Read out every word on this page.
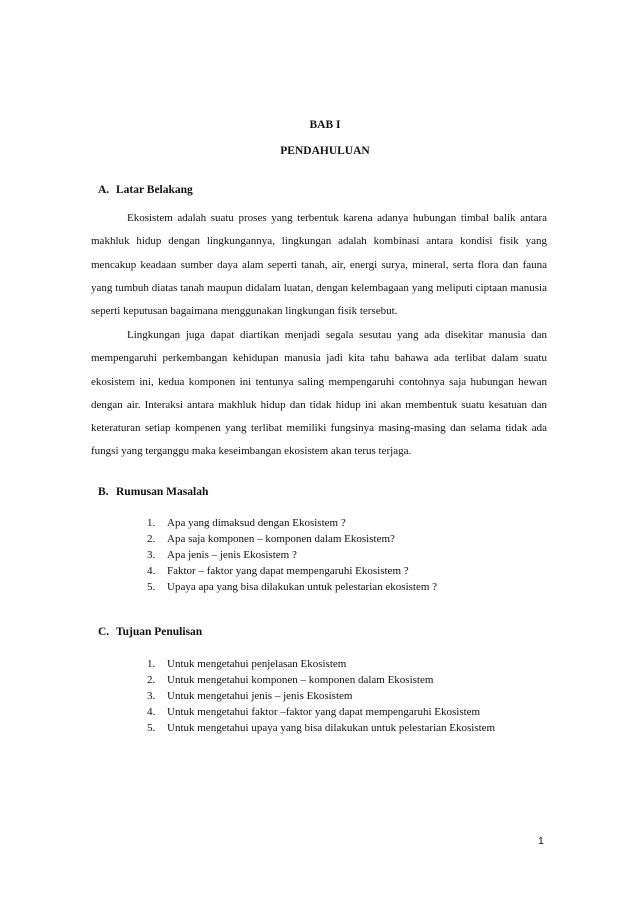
BAB I

PENDAHULUAN

A. Latar Belakang

Ekosistem adalah suatu proses yang terbentuk karena adanya hubungan timbal balik antara makhluk hidup dengan lingkungannya, lingkungan adalah kombinasi antara kondisi fisik yang mencakup keadaan sumber daya alam seperti tanah, air, energi surya, mineral, serta flora dan fauna yang tumbuh diatas tanah maupun didalam luatan, dengan kelembagaan yang meliputi ciptaan manusia seperti keputusan bagaimana menggunakan lingkungan fisik tersebut.

Lingkungan juga dapat diartikan menjadi segala sesutau yang ada disekitar manusia dan mempengaruhi perkembangan kehidupan manusia jadi kita tahu bahawa ada terlibat dalam suatu ekosistem ini, kedua komponen ini tentunya saling mempengaruhi contohnya saja hubungan hewan dengan air. Interaksi antara makhluk hidup dan tidak hidup ini akan membentuk suatu kesatuan dan keteraturan setiap kompenen yang terlibat memiliki fungsinya masing-masing dan selama tidak ada fungsi yang terganggu maka keseimbangan ekosistem akan terus terjaga.

B. Rumusan Masalah
1. Apa yang dimaksud dengan Ekosistem ?
2. Apa saja komponen – komponen dalam Ekosistem?
3. Apa jenis – jenis Ekosistem ?
4. Faktor – faktor yang dapat mempengaruhi Ekosistem ?
5. Upaya apa yang bisa dilakukan untuk pelestarian ekosistem ?
C. Tujuan Penulisan
1. Untuk mengetahui penjelasan Ekosistem
2. Untuk mengetahui komponen – komponen dalam Ekosistem
3. Untuk mengetahui jenis – jenis Ekosistem
4. Untuk mengetahui faktor –faktor yang dapat mempengaruhi Ekosistem
5. Untuk mengetahui upaya yang bisa dilakukan untuk pelestarian Ekosistem

1
